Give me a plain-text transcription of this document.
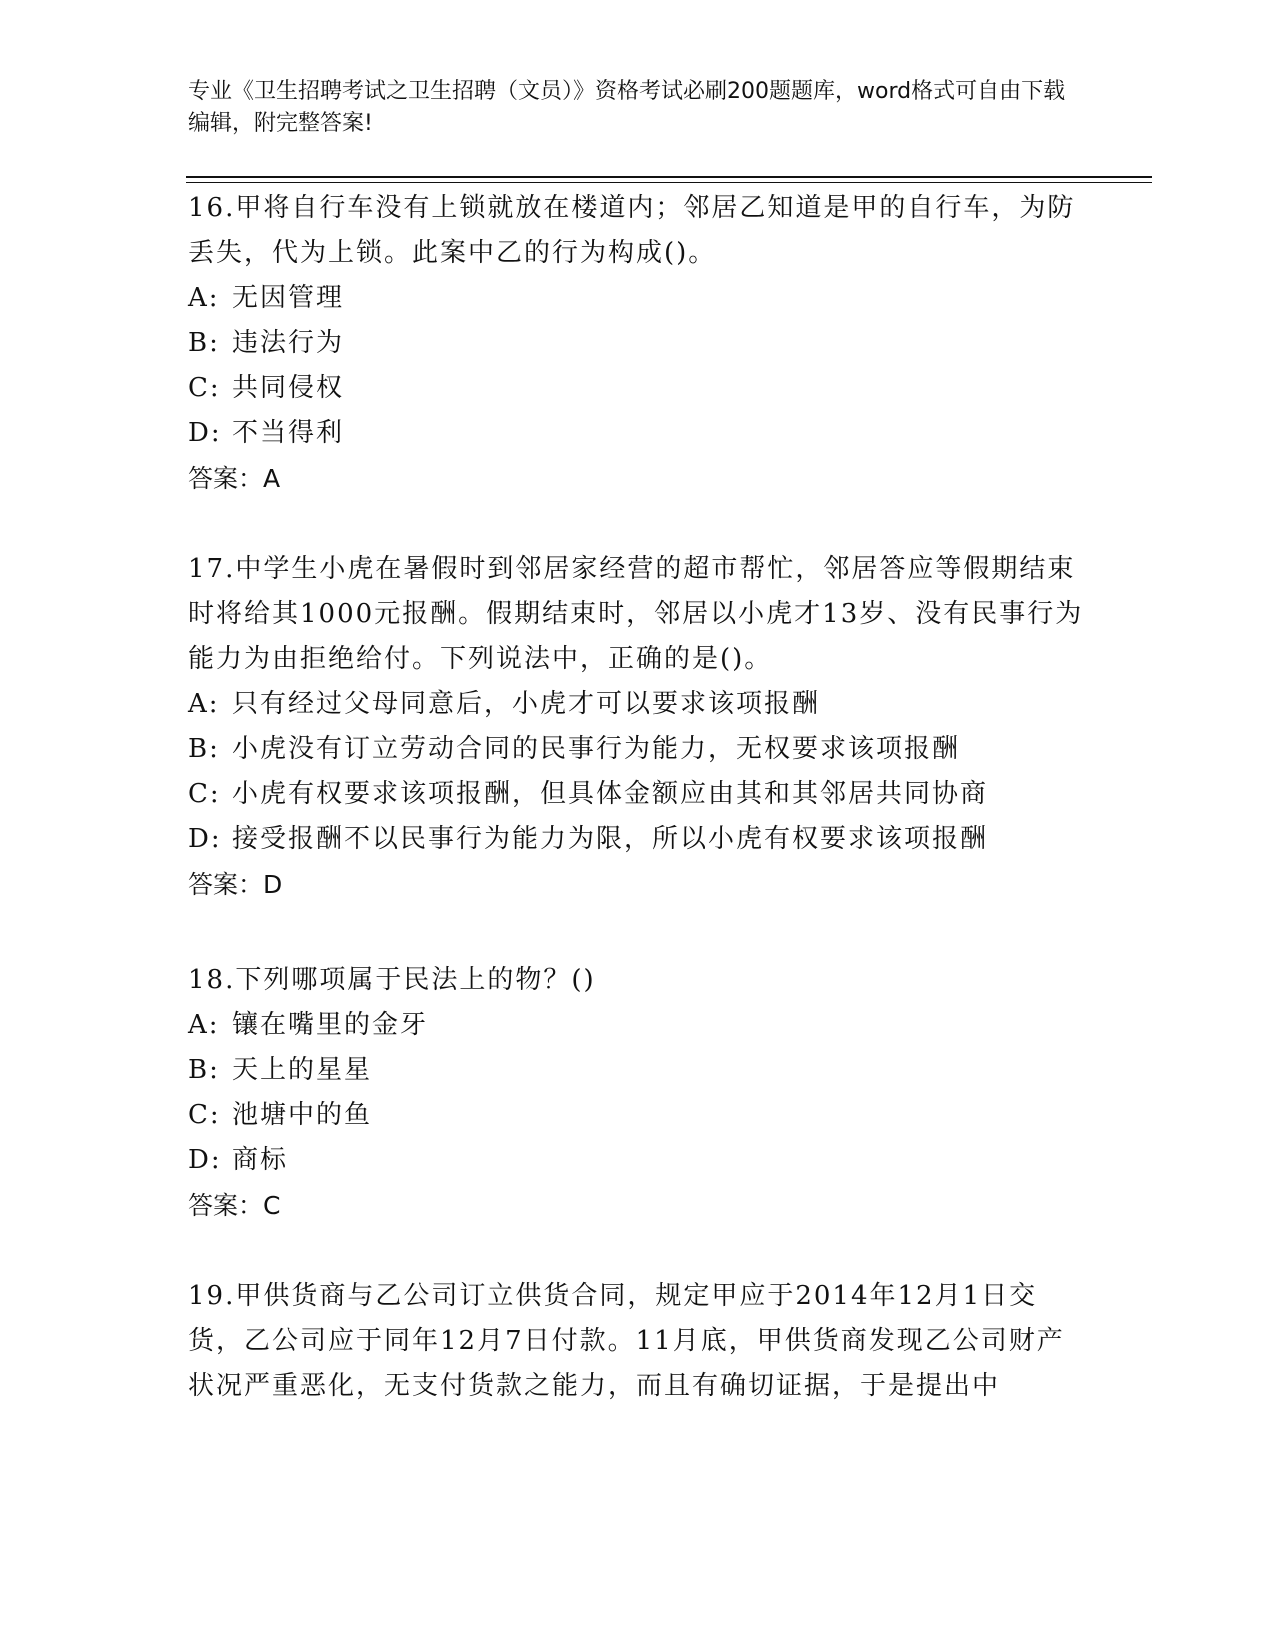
专业《卫生招聘考试之卫生招聘（文员）》资格考试必刷200题题库，word格式可自由下载编辑，附完整答案!

16.甲将自行车没有上锁就放在楼道内；邻居乙知道是甲的自行车，为防丢失，代为上锁。此案中乙的行为构成()。

A: 无因管理

B: 违法行为

C: 共同侵权

D: 不当得利

答案：A

17.中学生小虎在暑假时到邻居家经营的超市帮忙，邻居答应等假期结束时将给其1000元报酬。假期结束时，邻居以小虎才13岁、没有民事行为能力为由拒绝给付。下列说法中，正确的是()。

A: 只有经过父母同意后，小虎才可以要求该项报酬

B: 小虎没有订立劳动合同的民事行为能力，无权要求该项报酬

C: 小虎有权要求该项报酬，但具体金额应由其和其邻居共同协商

D: 接受报酬不以民事行为能力为限，所以小虎有权要求该项报酬

答案：D

18.下列哪项属于民法上的物？()

A: 镶在嘴里的金牙

B: 天上的星星

C: 池塘中的鱼

D: 商标

答案：C

19.甲供货商与乙公司订立供货合同，规定甲应于2014年12月1日交货，乙公司应于同年12月7日付款。11月底，甲供货商发现乙公司财产状况严重恶化，无支付货款之能力，而且有确切证据，于是提出中
